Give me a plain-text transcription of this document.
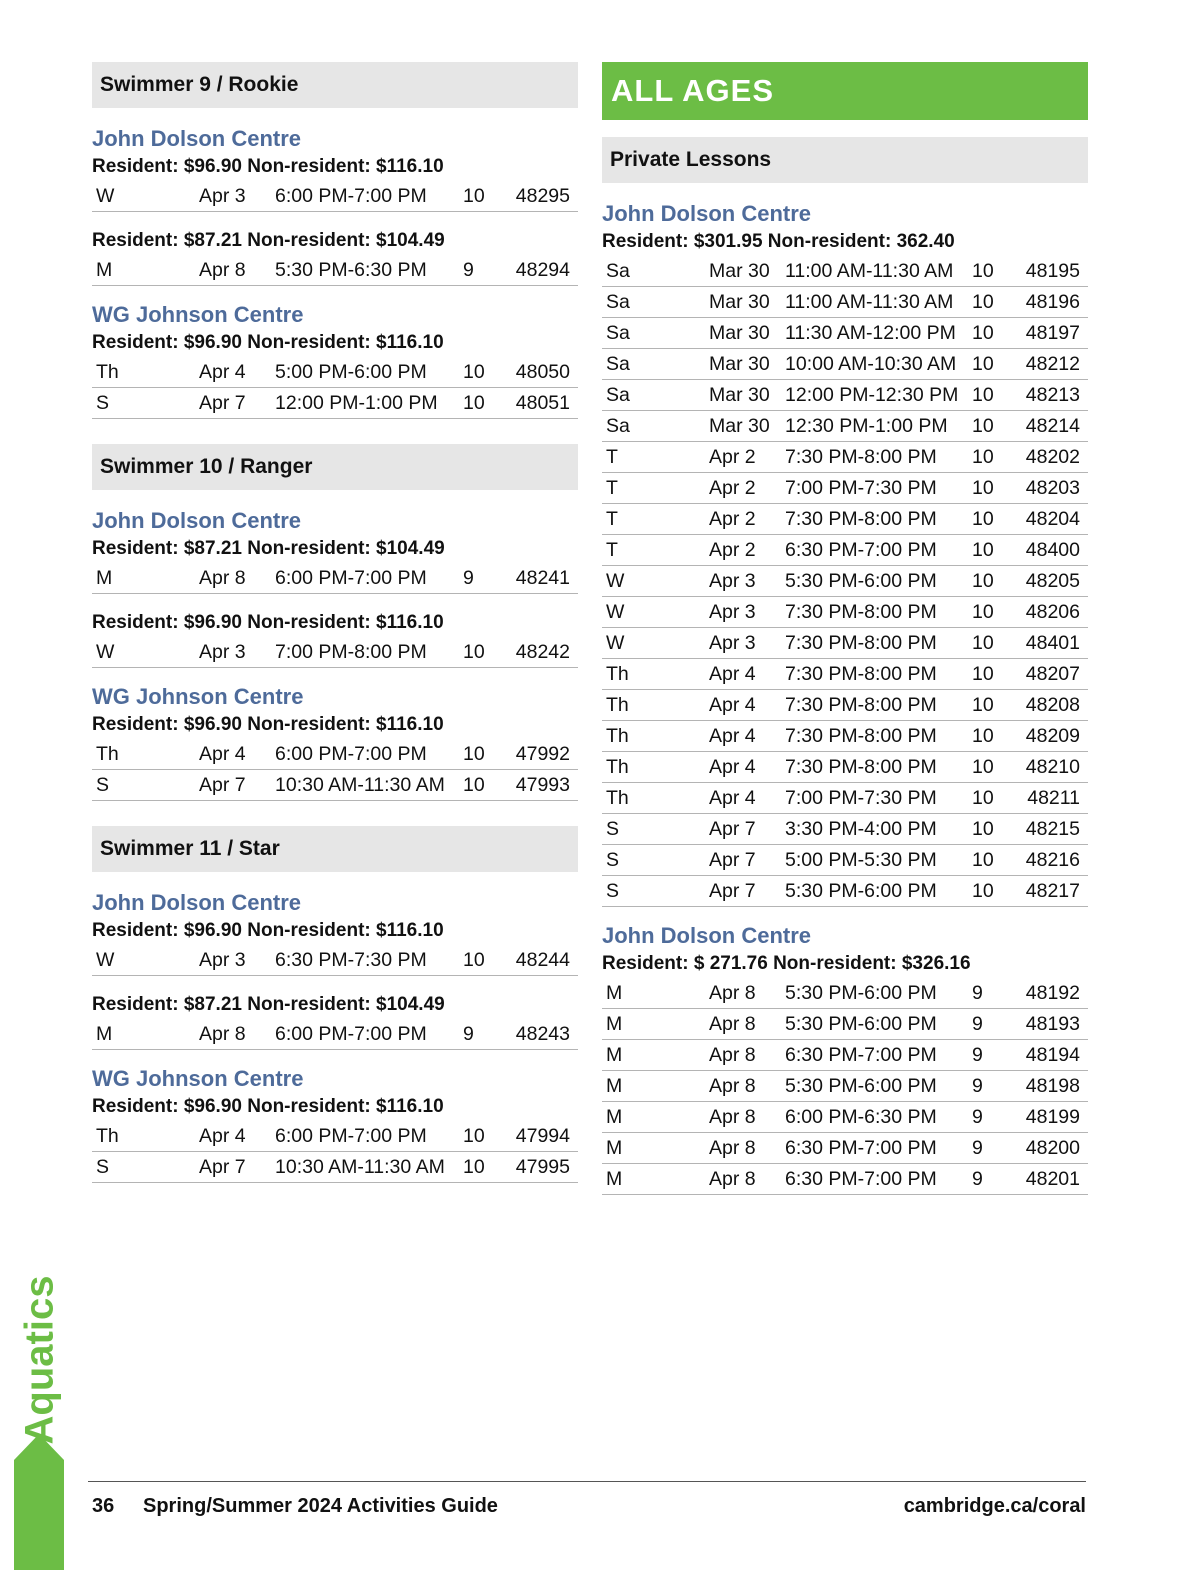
Swimmer 9 / Rookie
John Dolson Centre
Resident: $96.90 Non-resident: $116.10
W	Apr 3 6:00 PM-7:00 PM 10 48295
Resident: $87.21 Non-resident: $104.49
M	Apr 8 5:30 PM-6:30 PM 9 48294
WG Johnson Centre
Resident: $96.90 Non-resident: $116.10
Th	Apr 4 5:00 PM-6:00 PM 10 48050
S	Apr 7 12:00 PM-1:00 PM 10 48051
Swimmer 10 / Ranger
John Dolson Centre
Resident: $87.21 Non-resident: $104.49
M	Apr 8 6:00 PM-7:00 PM 9 48241
Resident: $96.90 Non-resident: $116.10
W	Apr 3 7:00 PM-8:00 PM 10 48242
WG Johnson Centre
Resident: $96.90 Non-resident: $116.10
Th	Apr 4 6:00 PM-7:00 PM 10 47992
S	Apr 7 10:30 AM-11:30 AM 10 47993
Swimmer 11 / Star
John Dolson Centre
Resident: $96.90 Non-resident: $116.10
W	Apr 3 6:30 PM-7:30 PM 10 48244
Resident: $87.21 Non-resident: $104.49
M	Apr 8 6:00 PM-7:00 PM 9 48243
WG Johnson Centre
Resident: $96.90 Non-resident: $116.10
Th	Apr 4 6:00 PM-7:00 PM 10 47994
S	Apr 7 10:30 AM-11:30 AM 10 47995
ALL AGES
Private Lessons
John Dolson Centre
Resident: $301.95 Non-resident: 362.40
Sa	Mar 30 11:00 AM-11:30 AM 10 48195
Sa	Mar 30 11:00 AM-11:30 AM 10 48196
Sa	Mar 30 11:30 AM-12:00 PM 10 48197
Sa	Mar 30 10:00 AM-10:30 AM 10 48212
Sa	Mar 30 12:00 PM-12:30 PM 10 48213
Sa	Mar 30 12:30 PM-1:00 PM 10 48214
T	Apr 2 7:30 PM-8:00 PM 10 48202
T	Apr 2 7:00 PM-7:30 PM 10 48203
T	Apr 2 7:30 PM-8:00 PM 10 48204
T	Apr 2 6:30 PM-7:00 PM 10 48400
W	Apr 3 5:30 PM-6:00 PM 10 48205
W	Apr 3 7:30 PM-8:00 PM 10 48206
W	Apr 3 7:30 PM-8:00 PM 10 48401
Th	Apr 4 7:30 PM-8:00 PM 10 48207
Th	Apr 4 7:30 PM-8:00 PM 10 48208
Th	Apr 4 7:30 PM-8:00 PM 10 48209
Th	Apr 4 7:30 PM-8:00 PM 10 48210
Th	Apr 4 7:00 PM-7:30 PM 10 48211
S	Apr 7 3:30 PM-4:00 PM 10 48215
S	Apr 7 5:00 PM-5:30 PM 10 48216
S	Apr 7 5:30 PM-6:00 PM 10 48217
John Dolson Centre
Resident: $ 271.76 Non-resident: $326.16
M	Apr 8 5:30 PM-6:00 PM 9 48192
M	Apr 8 5:30 PM-6:00 PM 9 48193
M	Apr 8 6:30 PM-7:00 PM 9 48194
M	Apr 8 5:30 PM-6:00 PM 9 48198
M	Apr 8 6:00 PM-6:30 PM 9 48199
M	Apr 8 6:30 PM-7:00 PM 9 48200
M	Apr 8 6:30 PM-7:00 PM 9 48201
Aquatics
36 Spring/Summer 2024 Activities Guide	cambridge.ca/coral
